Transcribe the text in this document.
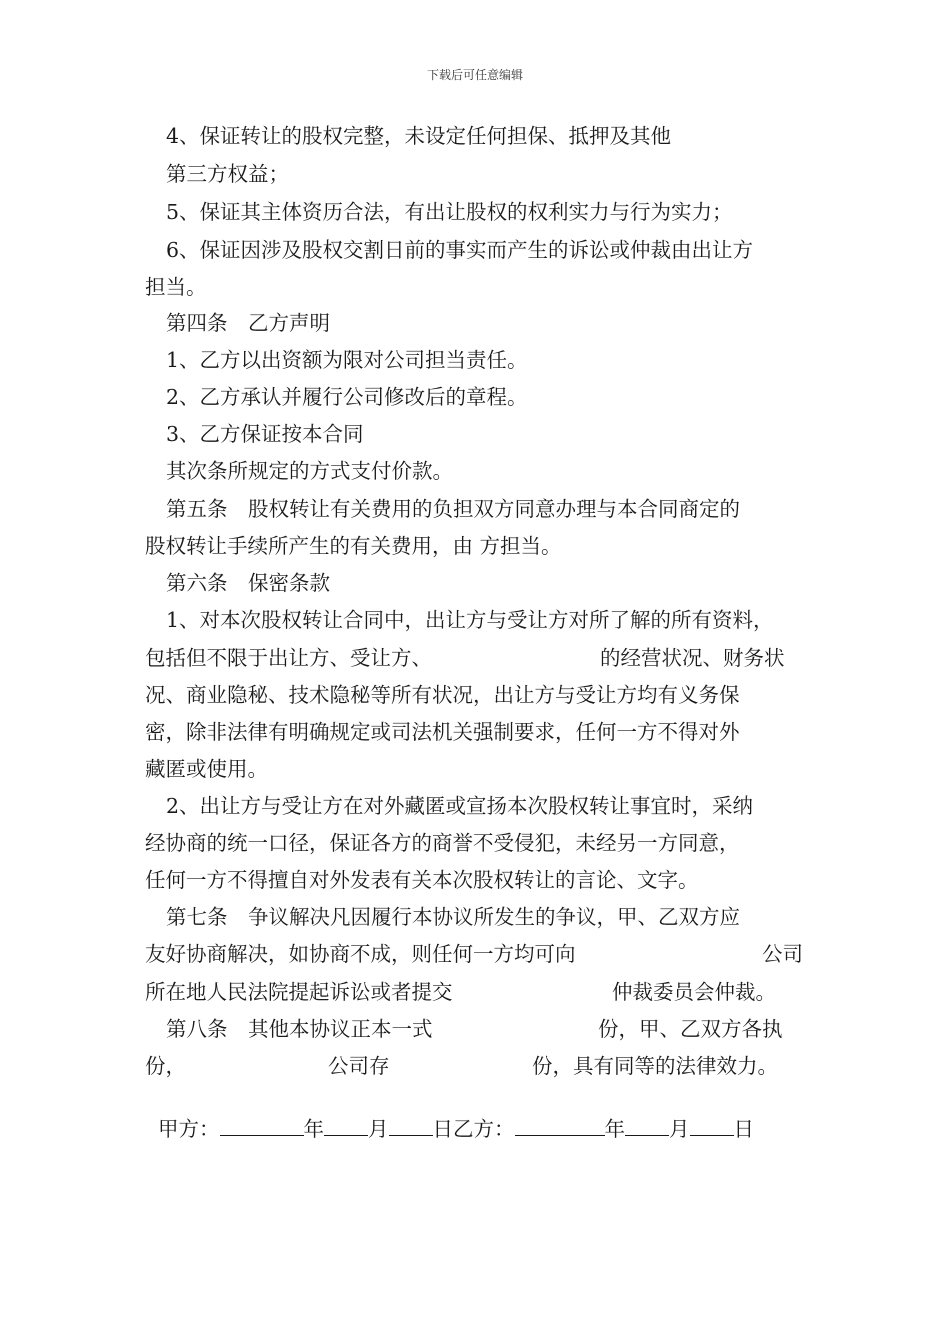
下载后可任意编辑
4、保证转让的股权完整，未设定任何担保、抵押及其他
第三方权益；
5、保证其主体资历合法，有出让股权的权利实力与行为实力；
6、保证因涉及股权交割日前的事实而产生的诉讼或仲裁由出让方
担当。
第四条　乙方声明
1、乙方以出资额为限对公司担当责任。
2、乙方承认并履行公司修改后的章程。
3、乙方保证按本合同
其次条所规定的方式支付价款。
第五条　股权转让有关费用的负担双方同意办理与本合同商定的
股权转让手续所产生的有关费用，由 方担当。
第六条　保密条款
1、对本次股权转让合同中，出让方与受让方对所了解的所有资料，
包括但不限于出让方、受让方、	的经营状况、财务状
况、商业隐秘、技术隐秘等所有状况，出让方与受让方均有义务保
密，除非法律有明确规定或司法机关强制要求，任何一方不得对外
藏匿或使用。
2、出让方与受让方在对外藏匿或宣扬本次股权转让事宜时，采纳
经协商的统一口径，保证各方的商誉不受侵犯，未经另一方同意，
任何一方不得擅自对外发表有关本次股权转让的言论、文字。
第七条　争议解决凡因履行本协议所发生的争议，甲、乙双方应
友好协商解决，如协商不成，则任何一方均可向	公司
所在地人民法院提起诉讼或者提交	仲裁委员会仲裁。
第八条　其他本协议正本一式	份，甲、乙双方各执
份，	公司存	份，具有同等的法律效力。

甲方：	年 月 日乙方：	年 月 日
